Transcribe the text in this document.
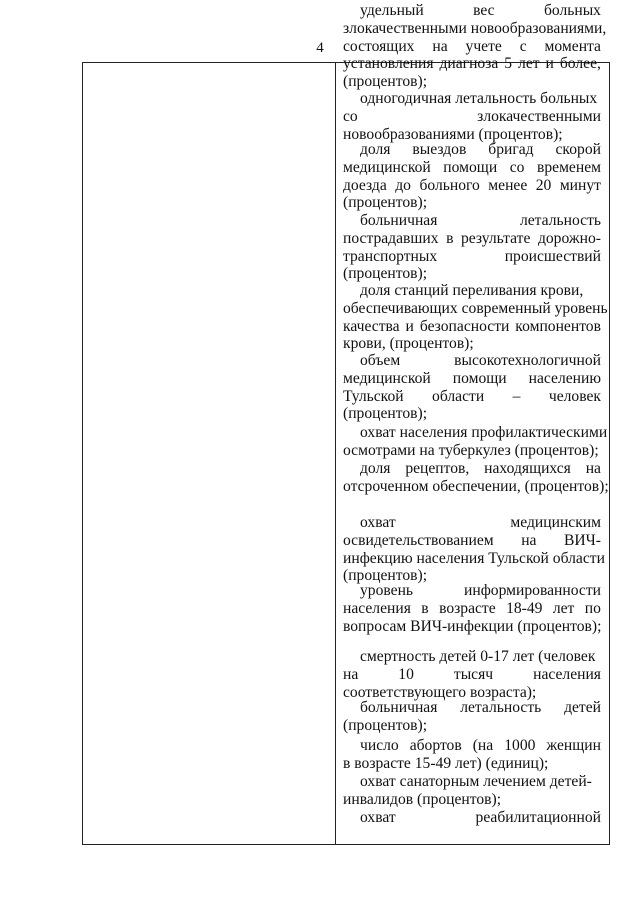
4
удельный	вес	больных
злокачественными новообразованиями,
состоящих на учете с момента
установления диагноза 5 лет и более,
(процентов);
одногодичная летальность больных
со	злокачественными
новообразованиями (процентов);
доля выездов бригад скорой
медицинской помощи со временем
доезда до больного менее 20 минут
(процентов);
больничная	летальность
пострадавших в результате дорожно-
транспортных	происшествий
(процентов);
доля станций переливания крови,
обеспечивающих современный уровень
качества и безопасности компонентов
крови, (процентов);
объем	высокотехнологичной
медицинской помощи населению
Тульской области – человек
(процентов);
охват населения профилактическими
осмотрами на туберкулез (процентов);
доля рецептов, находящихся на
отсроченном обеспечении, (процентов);
охват	медицинским
освидетельствованием на ВИЧ-
инфекцию населения Тульской области
(процентов);
уровень	информированности
населения в возрасте 18-49 лет по
вопросам ВИЧ-инфекции (процентов);
смертность детей 0-17 лет (человек
на	10	тысяч	населения
соответствующего возраста);
больничная летальность детей
(процентов);
число абортов (на 1000 женщин
в возрасте 15-49 лет) (единиц);
охват санаторным лечением детей-
инвалидов (процентов);
охват	реабилитационной
